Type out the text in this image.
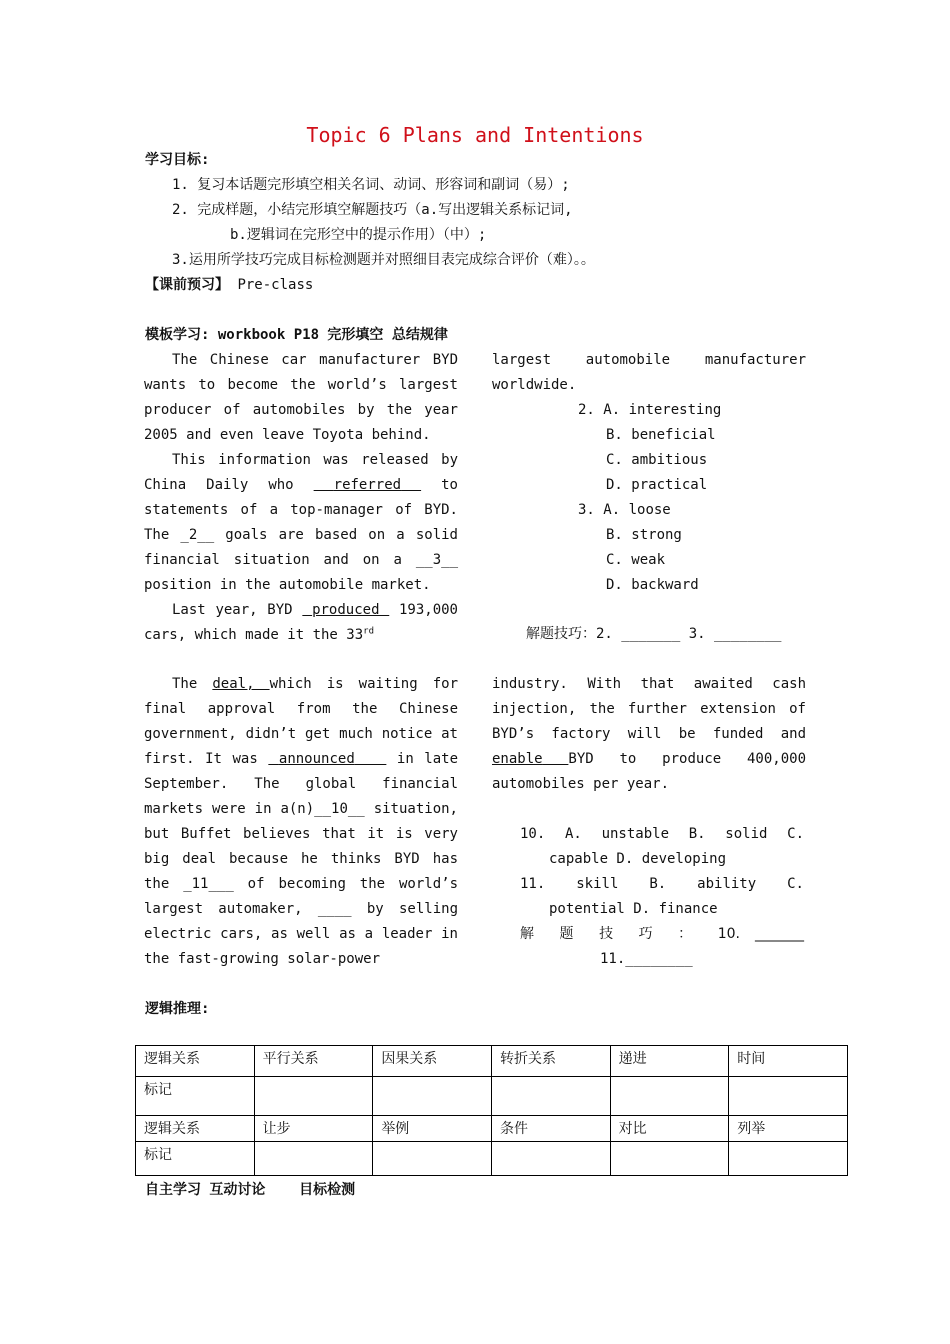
Topic 6 Plans and Intentions
学习目标:
1. 复习本话题完形填空相关名词、动词、形容词和副词（易）;
2. 完成样题，小结完形填空解题技巧（a.写出逻辑关系标记词,
b.逻辑词在完形空中的提示作用）（中）;
3.运用所学技巧完成目标检测题并对照细目表完成综合评价（难）。。
【课前预习】 Pre-class
模板学习: workbook P18 完形填空 总结规律

The Chinese car manufacturer BYD wants to become the world’s largest producer of automobiles by the year 2005 and even leave Toyota behind.

This information was released by China Daily who	referred	to statements of a top-manager of BYD. The _2__ goals are based on a solid financial situation and on a __3__ position in the automobile market.

Last year, BYD produced 193,000 cars, which made it the 33rd

largest automobile manufacturer worldwide.
2. A. interesting
B. beneficial
C. ambitious
D. practical
3. A. loose
B. strong
C. weak
D. backward
解题技巧：2. _______ 3. ________

The deal, which is waiting for final approval from the Chinese government, didn’t get much notice at first. It was announced	in late September. The global financial markets were in a(n)__10__ situation, but Buffet believes that it is very big deal because he thinks BYD has the _11___ of becoming the world’s largest automaker, ____ by selling electric cars, as well as a leader in the fast-growing solar-power

industry. With that awaited cash injection, the further extension of BYD’s factory will be funded and enable BYD to produce 400,000 automobiles per year.

10. A. unstable B. solid C.

capable D. developing

11. skill B. ability C.

potential D. finance

解 题 技 巧 ： 10. _______

11.________

逻辑推理:
逻辑关系	平行关系	因果关系	转折关系	递进	时间
标记					
逻辑关系	让步	举例	条件	对比	列举
标记					
自主学习 互动讨论    目标检测
